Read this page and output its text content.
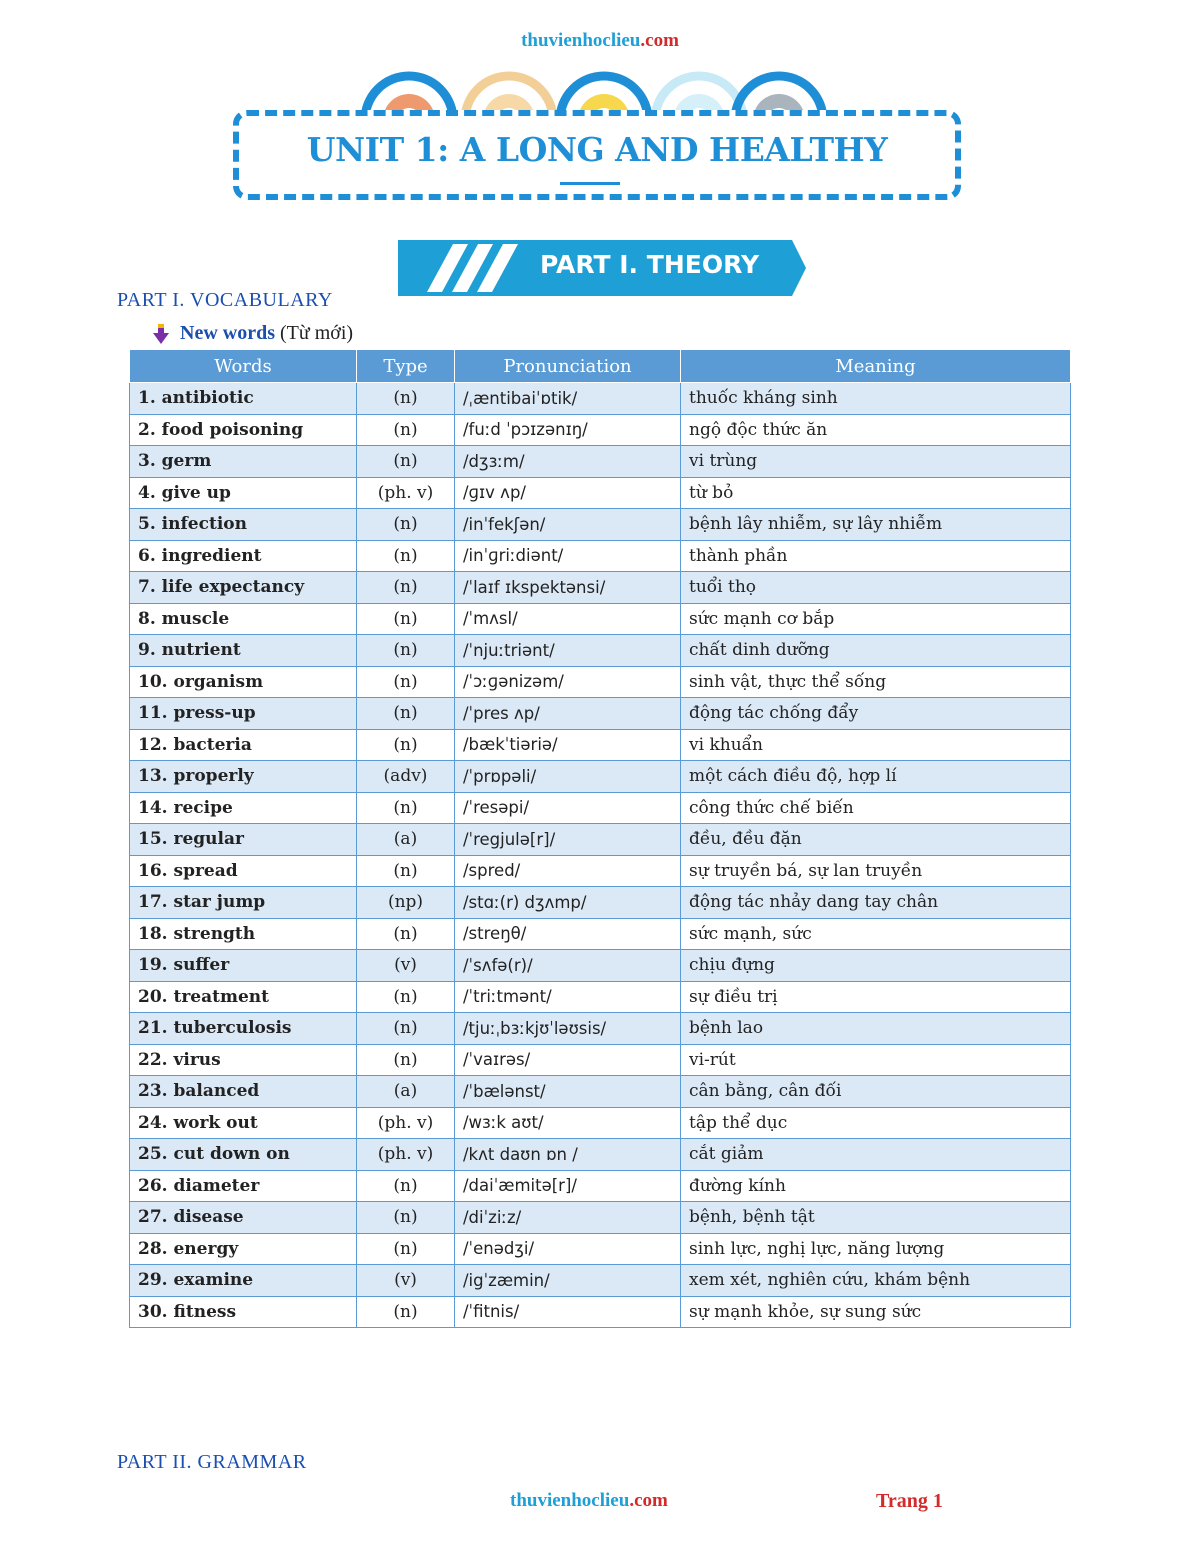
thuvienhoclieu.com
UNIT 1: A LONG AND HEALTHY
PART I. THEORY
PART I. VOCABULARY
New words (Từ mới)
Words	Type	Pronunciation	Meaning
1. antibiotic	(n)	/ˌæntibaiˈɒtik/	thuốc kháng sinh
2. food poisoning	(n)	/fuːd ˈpɔɪzənɪŋ/	ngộ độc thức ăn
3. germ	(n)	/dʒɜːm/	vi trùng
4. give up	(ph. v)	/ɡɪv ʌp/	từ bỏ
5. infection	(n)	/inˈfekʃən/	bệnh lây nhiễm, sự lây nhiễm
6. ingredient	(n)	/inˈɡriːdiənt/	thành phần
7. life expectancy	(n)	/ˈlaɪf ɪkspektənsi/	tuổi thọ
8. muscle	(n)	/ˈmʌsl/	sức mạnh cơ bắp
9. nutrient	(n)	/ˈnjuːtriənt/	chất dinh dưỡng
10. organism	(n)	/ˈɔːɡənizəm/	sinh vật, thực thể sống
11. press-up	(n)	/ˈpres ʌp/	động tác chống đẩy
12. bacteria	(n)	/bækˈtiəriə/	vi khuẩn
13. properly	(adv)	/ˈprɒpəli/	một cách điều độ, hợp lí
14. recipe	(n)	/ˈresəpi/	công thức chế biến
15. regular	(a)	/ˈregjulə[r]/	đều, đều đặn
16. spread	(n)	/spred/	sự truyền bá, sự lan truyền
17. star jump	(np)	/stɑː(r) dʒʌmp/	động tác nhảy dang tay chân
18. strength	(n)	/streŋθ/	sức mạnh, sức
19. suffer	(v)	/ˈsʌfə(r)/	chịu đựng
20. treatment	(n)	/ˈtriːtmənt/	sự điều trị
21. tuberculosis	(n)	/tjuːˌbɜːkjʊˈləʊsis/	bệnh lao
22. virus	(n)	/ˈvaɪrəs/	vi-rút
23. balanced	(a)	/ˈbælənst/	cân bằng, cân đối
24. work out	(ph. v)	/wɜːk aʊt/	tập thể dục
25. cut down on	(ph. v)	/kʌt daʊn ɒn /	cắt giảm
26. diameter	(n)	/daiˈæmitə[r]/	đường kính
27. disease	(n)	/diˈziːz/	bệnh, bệnh tật
28. energy	(n)	/ˈenədʒi/	sinh lực, nghị lực, năng lượng
29. examine	(v)	/igˈzæmin/	xem xét, nghiên cứu, khám bệnh
30. fitness	(n)	/ˈfitnis/	sự mạnh khỏe, sự sung sức
PART II. GRAMMAR
thuvienhoclieu.com	Trang 1
